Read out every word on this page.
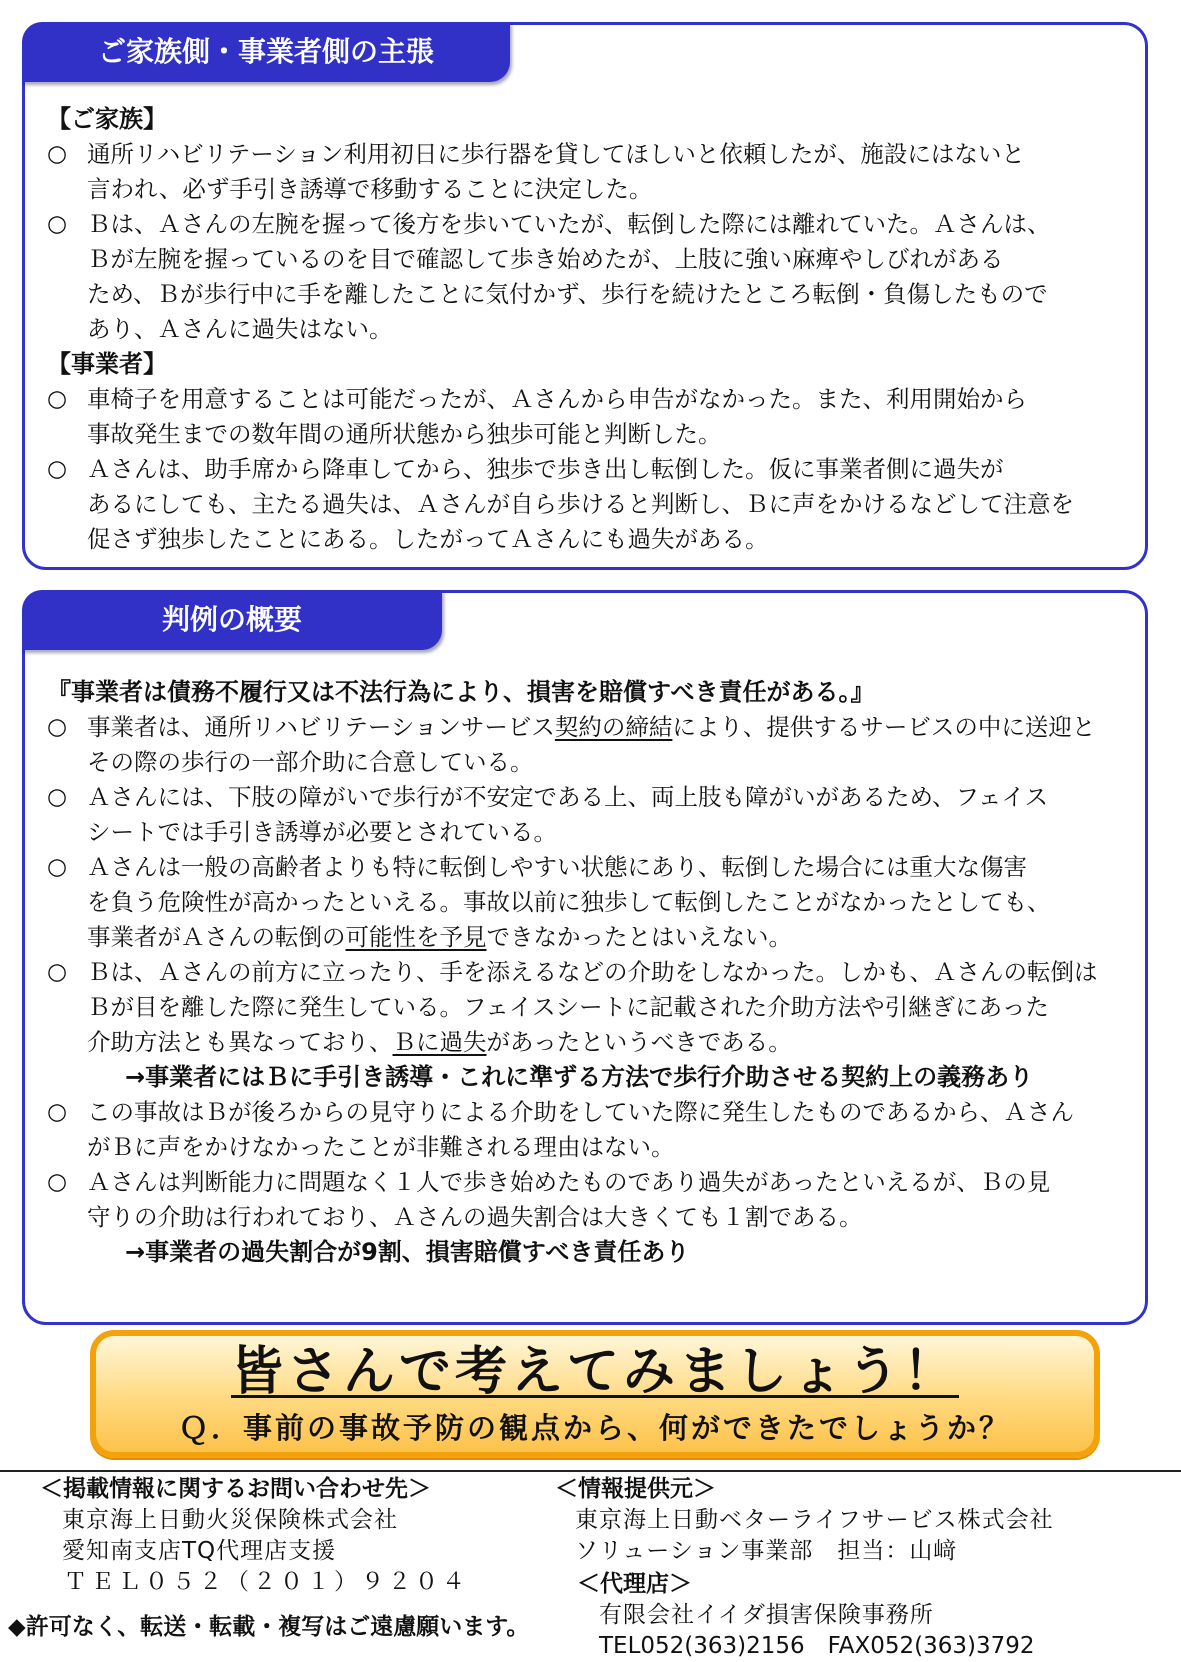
ご家族側・事業者側の主張
【ご家族】
○ 通所リハビリテーション利用初日に歩行器を貸してほしいと依頼したが、施設にはないと
言われ、必ず手引き誘導で移動することに決定した。
○ Ｂは、Ａさんの左腕を握って後方を歩いていたが、転倒した際には離れていた。Ａさんは、
Ｂが左腕を握っているのを目で確認して歩き始めたが、上肢に強い麻痺やしびれがある
ため、Ｂが歩行中に手を離したことに気付かず、歩行を続けたところ転倒・負傷したもので
あり、Ａさんに過失はない。
【事業者】
○ 車椅子を用意することは可能だったが、Ａさんから申告がなかった。また、利用開始から
事故発生までの数年間の通所状態から独歩可能と判断した。
○ Ａさんは、助手席から降車してから、独歩で歩き出し転倒した。仮に事業者側に過失が
あるにしても、主たる過失は、Ａさんが自ら歩けると判断し、Ｂに声をかけるなどして注意を
促さず独歩したことにある。したがってＡさんにも過失がある。
判例の概要
『事業者は債務不履行又は不法行為により、損害を賠償すべき責任がある。』
○ 事業者は、通所リハビリテーションサービス契約の締結により、提供するサービスの中に送迎と
その際の歩行の一部介助に合意している。
○ Ａさんには、下肢の障がいで歩行が不安定である上、両上肢も障がいがあるため、フェイス
シートでは手引き誘導が必要とされている。
○ Ａさんは一般の高齢者よりも特に転倒しやすい状態にあり、転倒した場合には重大な傷害
を負う危険性が高かったといえる。事故以前に独歩して転倒したことがなかったとしても、
事業者がＡさんの転倒の可能性を予見できなかったとはいえない。
○ Ｂは、Ａさんの前方に立ったり、手を添えるなどの介助をしなかった。しかも、Ａさんの転倒は
Ｂが目を離した際に発生している。フェイスシートに記載された介助方法や引継ぎにあった
介助方法とも異なっており、Ｂに過失があったというべきである。
→事業者にはＢに手引き誘導・これに準ずる方法で歩行介助させる契約上の義務あり
○ この事故はＢが後ろからの見守りによる介助をしていた際に発生したものであるから、Ａさん
がＢに声をかけなかったことが非難される理由はない。
○ Ａさんは判断能力に問題なく１人で歩き始めたものであり過失があったといえるが、Ｂの見
守りの介助は行われており、Ａさんの過失割合は大きくても１割である。
→事業者の過失割合が9割、損害賠償すべき責任あり
皆さんで考えてみましょう！
Ｑ．事前の事故予防の観点から、何ができたでしょうか？
＜掲載情報に関するお問い合わせ先＞
東京海上日動火災保険株式会社
愛知南支店TQ代理店支援
ＴＥＬ０５２（２０１）９２０４
◆許可なく、転送・転載・複写はご遠慮願います。
＜情報提供元＞
東京海上日動ベターライフサービス株式会社
ソリューション事業部　担当：山﨑
＜代理店＞
有限会社イイダ損害保険事務所
TEL052(363)2156　FAX052(363)3792
